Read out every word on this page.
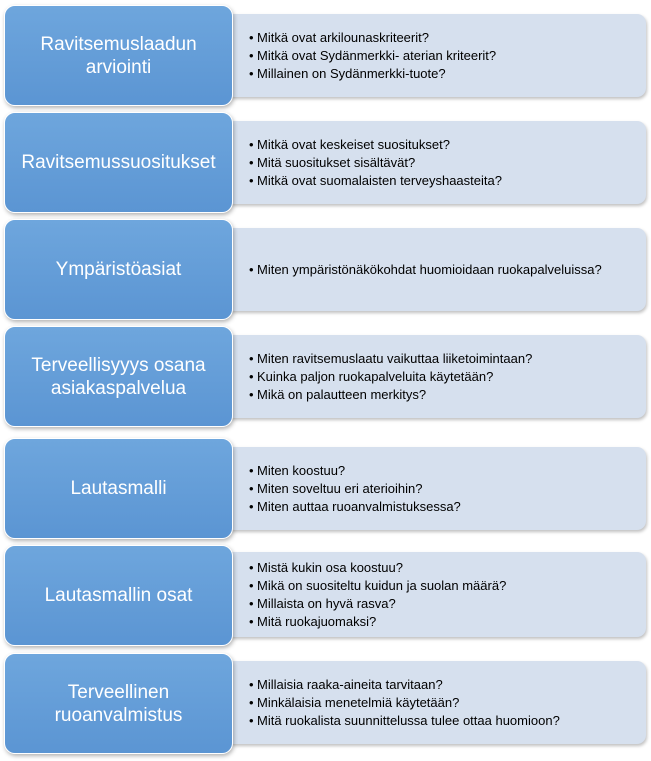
• Mitkä ovat arkilounaskriteerit?
• Mitkä ovat Sydänmerkki- aterian kriteerit?
• Millainen on Sydänmerkki-tuote?
Ravitsemuslaadun arviointi
• Mitkä ovat keskeiset suositukset?
• Mitä suositukset sisältävät?
• Mitkä ovat suomalaisten terveyshaasteita?
Ravitsemussuositukset
• Miten ympäristönäkökohdat huomioidaan ruokapalveluissa?
Ympäristöasiat
• Miten ravitsemuslaatu vaikuttaa liiketoimintaan?
• Kuinka paljon ruokapalveluita käytetään?
• Mikä on palautteen merkitys?
Terveellisyyys osana asiakaspalvelua
• Miten koostuu?
• Miten soveltuu eri aterioihin?
• Miten auttaa ruoanvalmistuksessa?
Lautasmalli
• Mistä kukin osa koostuu?
• Mikä on suositeltu kuidun ja suolan määrä?
• Millaista on hyvä rasva?
• Mitä ruokajuomaksi?
Lautasmallin osat
• Millaisia raaka-aineita tarvitaan?
• Minkälaisia menetelmiä käytetään?
• Mitä ruokalista suunnittelussa tulee ottaa huomioon?
Terveellinen ruoanvalmistus
